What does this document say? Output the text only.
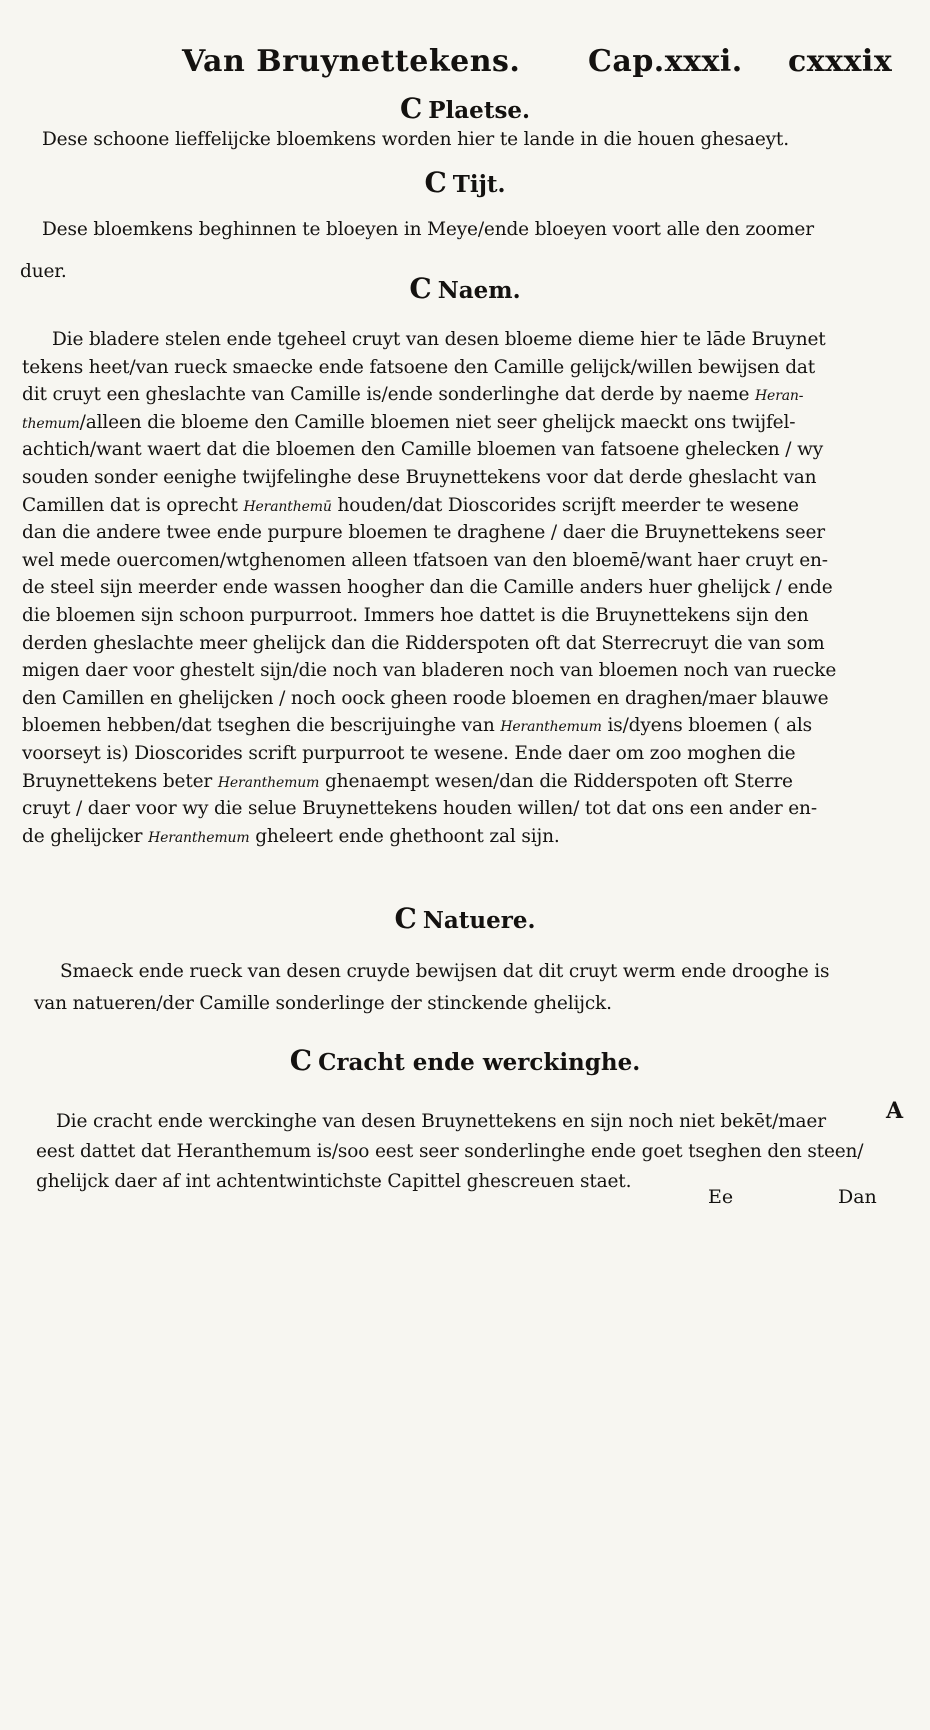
Van Bruynettekens. Cap.xxxi. cxxxix
C Plaetse.
Dese schoone lieffelijcke bloemkens worden hier te lande in die houen ghesaeyt.
C Tijt.
Dese bloemkens beghinnen te bloeyen in Meye/ende bloeyen voort alle den zoomer
duer.
C Naem.
Die bladere stelen ende tgeheel cruyt van desen bloeme dieme hier te lāde Bruynet
tekens heet/van rueck smaecke ende fatsoene den Camille gelijck/willen bewijsen dat
dit cruyt een gheslachte van Camille is/ende sonderlinghe dat derde by naeme Heran-
themum/alleen die bloeme den Camille bloemen niet seer ghelijck maeckt ons twijfel-
achtich/want waert dat die bloemen den Camille bloemen van fatsoene ghelecken / wy
souden sonder eenighe twijfelinghe dese Bruynettekens voor dat derde gheslacht van
Camillen dat is oprecht Heranthemū houden/dat Dioscorides scrijft meerder te wesene
dan die andere twee ende purpure bloemen te draghene / daer die Bruynettekens seer
wel mede ouercomen/wtghenomen alleen tfatsoen van den bloemē/want haer cruyt en-
de steel sijn meerder ende wassen hoogher dan die Camille anders huer ghelijck / ende
die bloemen sijn schoon purpurroot. Immers hoe dattet is die Bruynettekens sijn den
derden gheslachte meer ghelijck dan die Ridderspoten oft dat Sterrecruyt die van som
migen daer voor ghestelt sijn/die noch van bladeren noch van bloemen noch van ruecke
den Camillen en ghelijcken / noch oock gheen roode bloemen en draghen/maer blauwe
bloemen hebben/dat tseghen die bescrijuinghe van Heranthemum is/dyens bloemen ( als
voorseyt is) Dioscorides scrift purpurroot te wesene. Ende daer om zoo moghen die
Bruynettekens beter Heranthemum ghenaempt wesen/dan die Ridderspoten oft Sterre
cruyt / daer voor wy die selue Bruynettekens houden willen/ tot dat ons een ander en-
de ghelijcker Heranthemum gheleert ende ghethoont zal sijn.
C Natuere.
Smaeck ende rueck van desen cruyde bewijsen dat dit cruyt werm ende drooghe is
van natueren/der Camille sonderlinge der stinckende ghelijck.
C Cracht ende werckinghe.
Die cracht ende werckinghe van desen Bruynettekens en sijn noch niet bekēt/maer
eest dattet dat Heranthemum is/soo eest seer sonderlinghe ende goet tseghen den steen/
ghelijck daer af int achtentwintichste Capittel ghescreuen staet.
A
Ee	Dan
